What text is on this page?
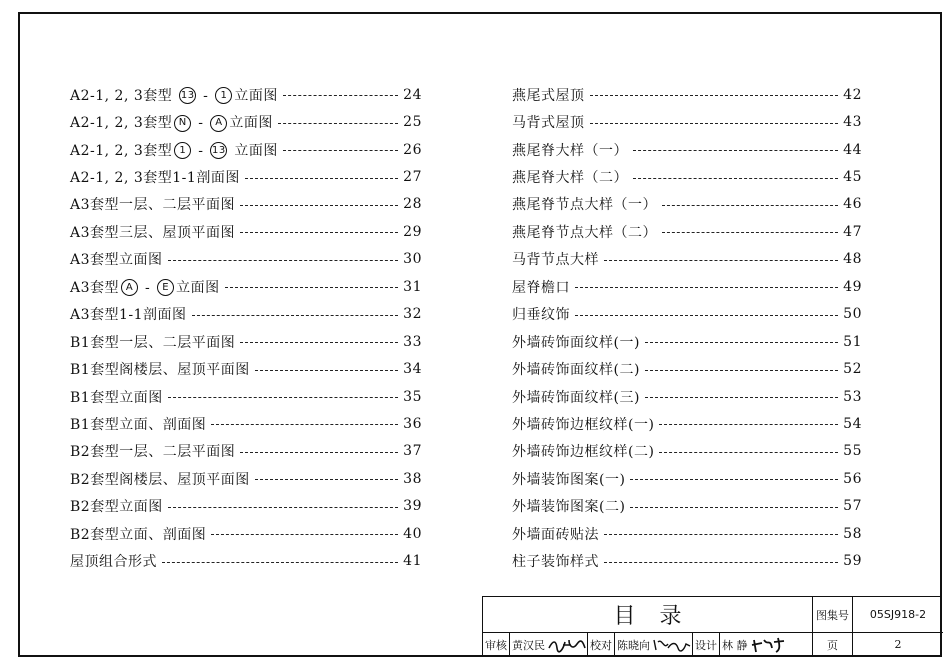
A2-1, 2, 3套型 13 - 1 立面图	24
A2-1, 2, 3套型 N - A 立面图	25
A2-1, 2, 3套型 1 - 13 立面图	26
A2-1, 2, 3套型1-1剖面图	27
A3套型一层、二层平面图	28
A3套型三层、屋顶平面图	29
A3套型立面图	30
A3套型 A - E 立面图	31
A3套型1-1剖面图	32
B1套型一层、二层平面图	33
B1套型阁楼层、屋顶平面图	34
B1套型立面图	35
B1套型立面、剖面图	36
B2套型一层、二层平面图	37
B2套型阁楼层、屋顶平面图	38
B2套型立面图	39
B2套型立面、剖面图	40
屋顶组合形式	41
燕尾式屋顶	42
马背式屋顶	43
燕尾脊大样（一）	44
燕尾脊大样（二）	45
燕尾脊节点大样（一）	46
燕尾脊节点大样（二）	47
马背节点大样	48
屋脊檐口	49
归垂纹饰	50
外墙砖饰面纹样(一)	51
外墙砖饰面纹样(二)	52
外墙砖饰面纹样(三)	53
外墙砖饰边框纹样(一)	54
外墙砖饰边框纹样(二)	55
外墙装饰图案(一)	56
外墙装饰图案(二)	57
外墙面砖贴法	58
柱子装饰样式	59
目录	图集号	05SJ918-2
页	2
审核 黄汉民	校对 陈晓向	设计 林 静
